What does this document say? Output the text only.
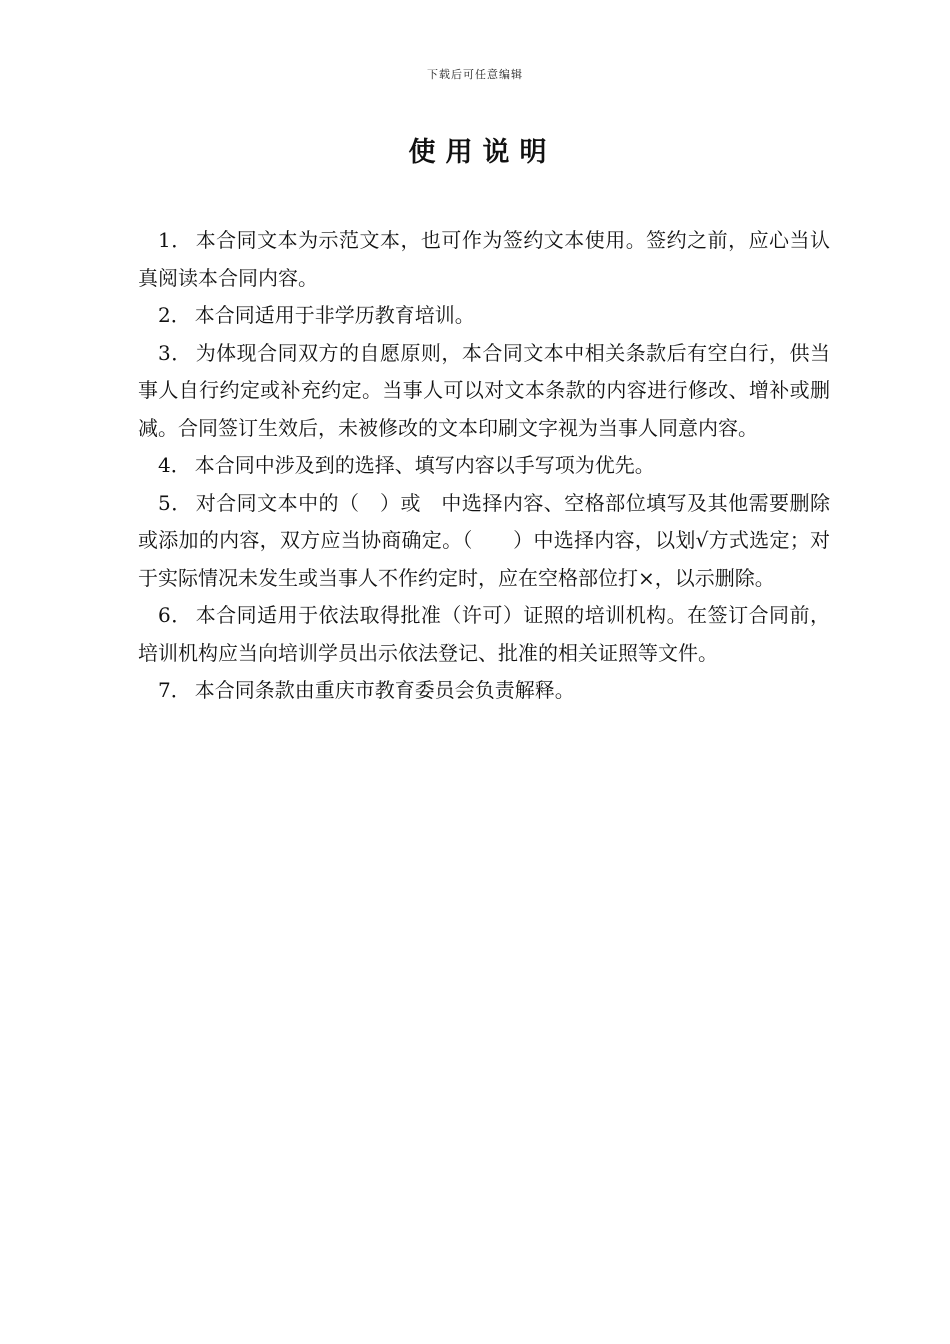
下载后可任意编辑
使用说明

1． 本合同文本为示范文本，也可作为签约文本使用。签约之前，应心当认真阅读本合同内容。

2． 本合同适用于非学历教育培训。

3． 为体现合同双方的自愿原则，本合同文本中相关条款后有空白行，供当事人自行约定或补充约定。当事人可以对文本条款的内容进行修改、增补或删减。合同签订生效后，未被修改的文本印刷文字视为当事人同意内容。

4． 本合同中涉及到的选择、填写内容以手写项为优先。

5． 对合同文本中的（　）或　中选择内容、空格部位填写及其他需要删除或添加的内容，双方应当协商确定。（　　）中选择内容，以划√方式选定；对于实际情况未发生或当事人不作约定时，应在空格部位打×，以示删除。

6． 本合同适用于依法取得批准（许可）证照的培训机构。在签订合同前，培训机构应当向培训学员出示依法登记、批准的相关证照等文件。

7． 本合同条款由重庆市教育委员会负责解释。
